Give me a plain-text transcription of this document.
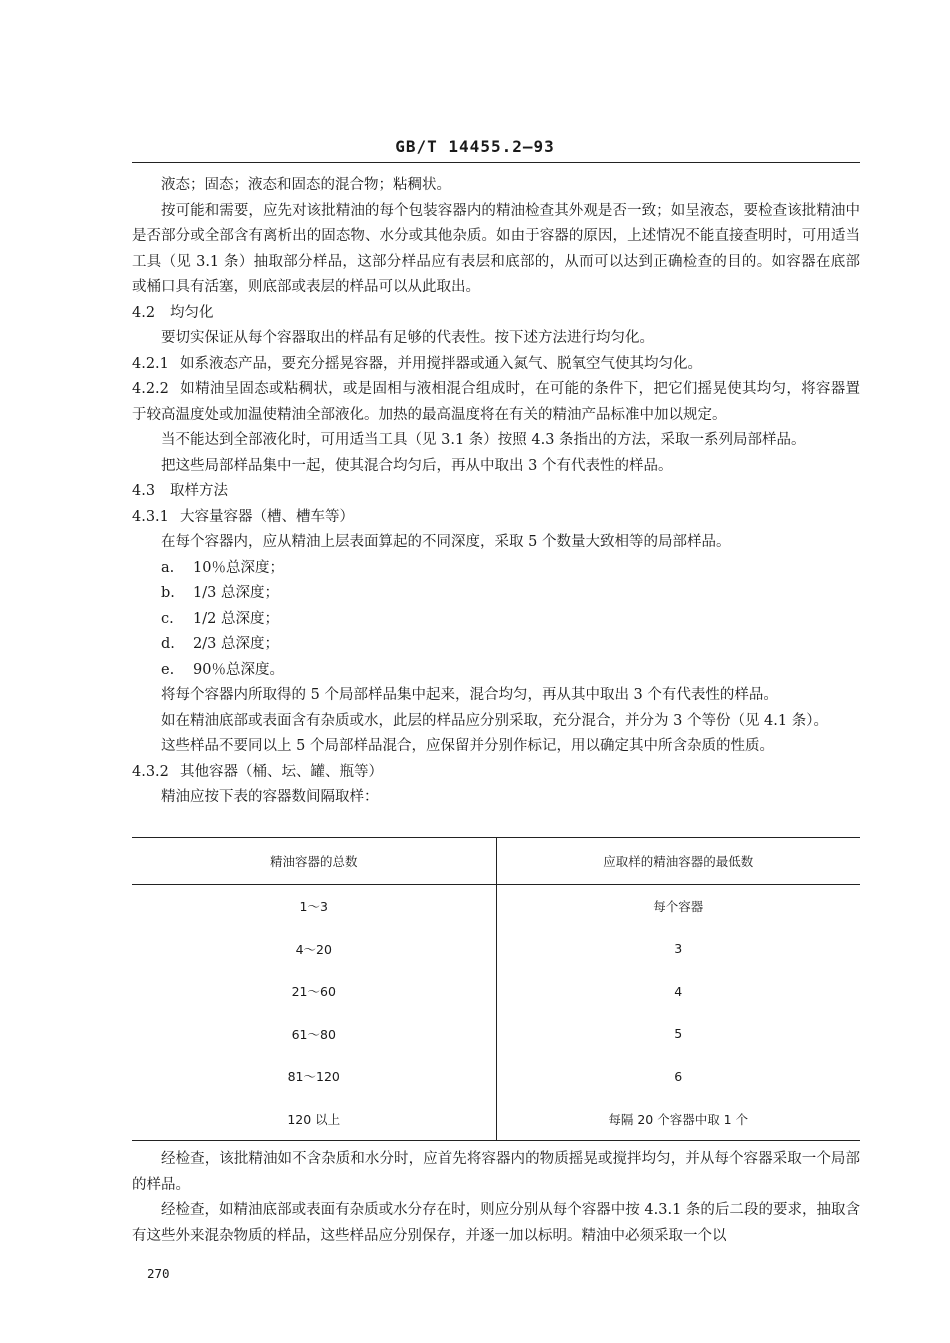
GB/T 14455.2—93

液态；固态；液态和固态的混合物；粘稠状。

按可能和需要，应先对该批精油的每个包装容器内的精油检查其外观是否一致；如呈液态，要检查该批精油中是否部分或全部含有离析出的固态物、水分或其他杂质。如由于容器的原因，上述情况不能直接查明时，可用适当工具（见 3.1 条）抽取部分样品，这部分样品应有表层和底部的，从而可以达到正确检查的目的。如容器在底部或桶口具有活塞，则底部或表层的样品可以从此取出。

4.2 均匀化

要切实保证从每个容器取出的样品有足够的代表性。按下述方法进行均匀化。

4.2.1 如系液态产品，要充分摇晃容器，并用搅拌器或通入氮气、脱氧空气使其均匀化。

4.2.2 如精油呈固态或粘稠状，或是固相与液相混合组成时，在可能的条件下，把它们摇晃使其均匀，将容器置于较高温度处或加温使精油全部液化。加热的最高温度将在有关的精油产品标准中加以规定。

当不能达到全部液化时，可用适当工具（见 3.1 条）按照 4.3 条指出的方法，采取一系列局部样品。

把这些局部样品集中一起，使其混合均匀后，再从中取出 3 个有代表性的样品。

4.3 取样方法

4.3.1 大容量容器（槽、槽车等）

在每个容器内，应从精油上层表面算起的不同深度，采取 5 个数量大致相等的局部样品。

a. 10％总深度；

b. 1/3 总深度；

c. 1/2 总深度；

d. 2/3 总深度；

e. 90％总深度。

将每个容器内所取得的 5 个局部样品集中起来，混合均匀，再从其中取出 3 个有代表性的样品。

如在精油底部或表面含有杂质或水，此层的样品应分别采取，充分混合，并分为 3 个等份（见 4.1 条）。

这些样品不要同以上 5 个局部样品混合，应保留并分别作标记，用以确定其中所含杂质的性质。

4.3.2 其他容器（桶、坛、罐、瓶等）

精油应按下表的容器数间隔取样：

精油容器的总数	应取样的精油容器的最低数
1～3	每个容器
4～20	3
21～60	4
61～80	5
81～120	6
120 以上	每隔 20 个容器中取 1 个

经检查，该批精油如不含杂质和水分时，应首先将容器内的物质摇晃或搅拌均匀，并从每个容器采取一个局部的样品。

经检查，如精油底部或表面有杂质或水分存在时，则应分别从每个容器中按 4.3.1 条的后二段的要求，抽取含有这些外来混杂物质的样品，这些样品应分别保存，并逐一加以标明。精油中必须采取一个以

270
